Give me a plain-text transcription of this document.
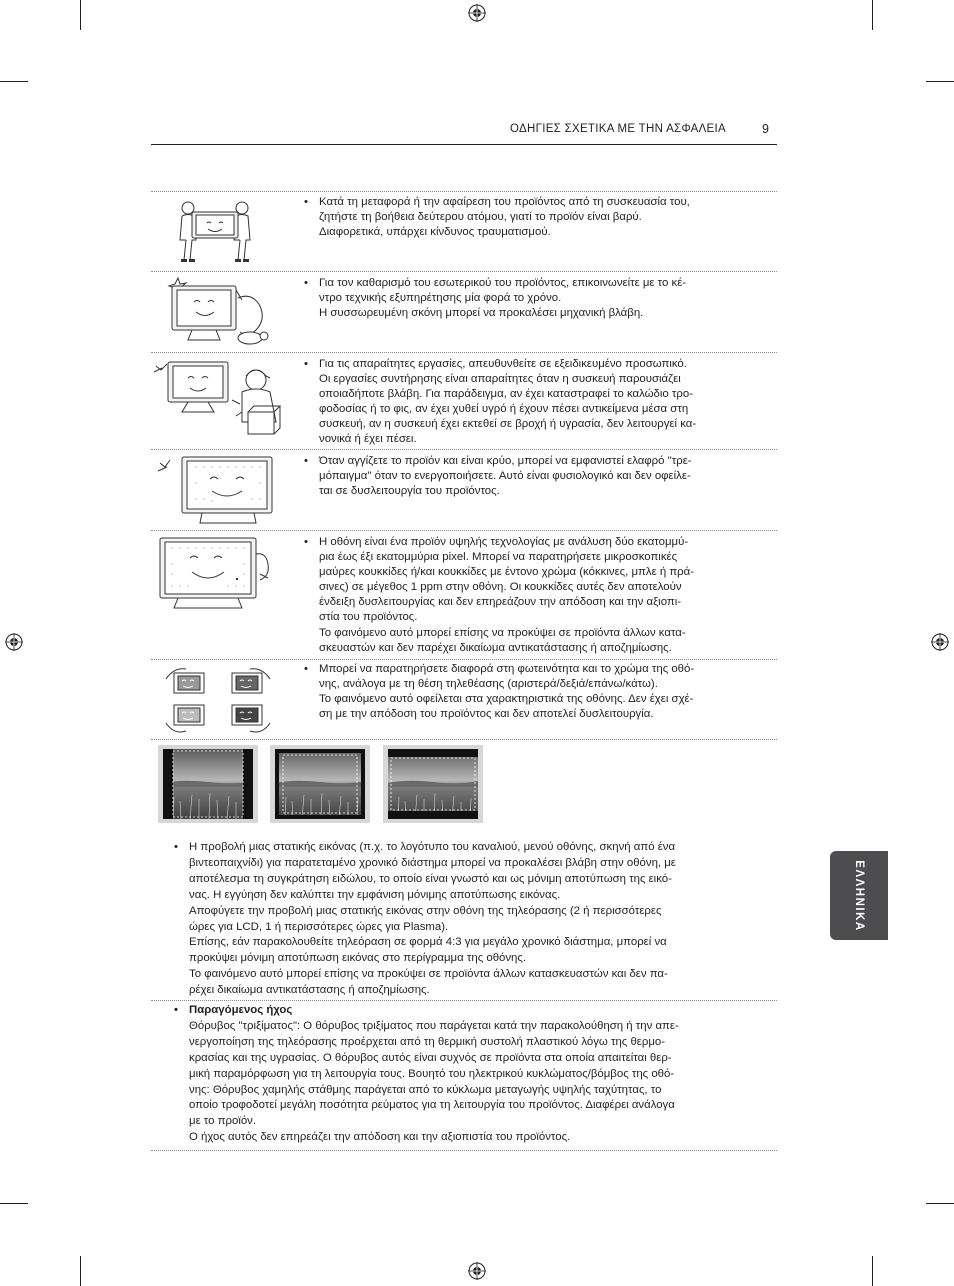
ΟΔΗΓΙΕΣ ΣΧΕΤΙΚΑ ΜΕ ΤΗΝ ΑΣΦΑΛΕΙΑ	9
ΕΛΛΗΝΙΚΑ
• Κατά τη μεταφορά ή την αφαίρεση του προϊόντος από τη συσκευασία του,
ζητήστε τη βοήθεια δεύτερου ατόμου, γιατί το προϊόν είναι βαρύ.
Διαφορετικά, υπάρχει κίνδυνος τραυματισμού.
• Για τον καθαρισμό του εσωτερικού του προϊόντος, επικοινωνείτε με το κέ-
ντρο τεχνικής εξυπηρέτησης μία φορά το χρόνο.
Η συσσωρευμένη σκόνη μπορεί να προκαλέσει μηχανική βλάβη.
• Για τις απαραίτητες εργασίες, απευθυνθείτε σε εξειδικευμένο προσωπικό.
Οι εργασίες συντήρησης είναι απαραίτητες όταν η συσκευή παρουσιάζει
οποιαδήποτε βλάβη. Για παράδειγμα, αν έχει καταστραφεί το καλώδιο τρο-
φοδοσίας ή το φις, αν έχει χυθεί υγρό ή έχουν πέσει αντικείμενα μέσα στη
συσκευή, αν η συσκευή έχει εκτεθεί σε βροχή ή υγρασία, δεν λειτουργεί κα-
νονικά ή έχει πέσει.
• Όταν αγγίζετε το προϊόν και είναι κρύο, μπορεί να εμφανιστεί ελαφρό "τρε-
μόπαιγμα" όταν το ενεργοποιήσετε. Αυτό είναι φυσιολογικό και δεν οφείλε-
ται σε δυσλειτουργία του προϊόντος.
• Η οθόνη είναι ένα προϊόν υψηλής τεχνολογίας με ανάλυση δύο εκατομμύ-
ρια έως έξι εκατομμύρια pixel. Μπορεί να παρατηρήσετε μικροσκοπικές
μαύρες κουκκίδες ή/και κουκκίδες με έντονο χρώμα (κόκκινες, μπλε ή πρά-
σινες) σε μέγεθος 1 ppm στην οθόνη. Οι κουκκίδες αυτές δεν αποτελούν
ένδειξη δυσλειτουργίας και δεν επηρεάζουν την απόδοση και την αξιοπι-
στία του προϊόντος.
Το φαινόμενο αυτό μπορεί επίσης να προκύψει σε προϊόντα άλλων κατα-
σκευαστών και δεν παρέχει δικαίωμα αντικατάστασης ή αποζημίωσης.
• Μπορεί να παρατηρήσετε διαφορά στη φωτεινότητα και το χρώμα της οθό-
νης, ανάλογα με τη θέση τηλεθέασης (αριστερά/δεξιά/επάνω/κάτω).
Το φαινόμενο αυτό οφείλεται στα χαρακτηριστικά της οθόνης. Δεν έχει σχέ-
ση με την απόδοση του προϊόντος και δεν αποτελεί δυσλειτουργία.
• Η προβολή μιας στατικής εικόνας (π.χ. το λογότυπο του καναλιού, μενού οθόνης, σκηνή από ένα
βιντεοπαιχνίδι) για παρατεταμένο χρονικό διάστημα μπορεί να προκαλέσει βλάβη στην οθόνη, με
αποτέλεσμα τη συγκράτηση ειδώλου, το οποίο είναι γνωστό και ως μόνιμη αποτύπωση της εικό-
νας. Η εγγύηση δεν καλύπτει την εμφάνιση μόνιμης αποτύπωσης εικόνας.
Αποφύγετε την προβολή μιας στατικής εικόνας στην οθόνη της τηλεόρασης (2 ή περισσότερες
ώρες για LCD, 1 ή περισσότερες ώρες για Plasma).
Επίσης, εάν παρακολουθείτε τηλεόραση σε φορμά 4:3 για μεγάλο χρονικό διάστημα, μπορεί να
προκύψει μόνιμη αποτύπωση εικόνας στο περίγραμμα της οθόνης.
Το φαινόμενο αυτό μπορεί επίσης να προκύψει σε προϊόντα άλλων κατασκευαστών και δεν πα-
ρέχει δικαίωμα αντικατάστασης ή αποζημίωσης.
• Παραγόμενος ήχος
Θόρυβος "τριξίματος": Ο θόρυβος τριξίματος που παράγεται κατά την παρακολούθηση ή την απε-
νεργοποίηση της τηλεόρασης προέρχεται από τη θερμική συστολή πλαστικού λόγω της θερμο-
κρασίας και της υγρασίας. Ο θόρυβος αυτός είναι συχνός σε προϊόντα στα οποία απαιτείται θερ-
μική παραμόρφωση για τη λειτουργία τους. Βουητό του ηλεκτρικού κυκλώματος/βόμβος της οθό-
νης: Θόρυβος χαμηλής στάθμης παράγεται από το κύκλωμα μεταγωγής υψηλής ταχύτητας, το
οποίο τροφοδοτεί μεγάλη ποσότητα ρεύματος για τη λειτουργία του προϊόντος. Διαφέρει ανάλογα
με το προϊόν.
Ο ήχος αυτός δεν επηρεάζει την απόδοση και την αξιοπιστία του προϊόντος.
